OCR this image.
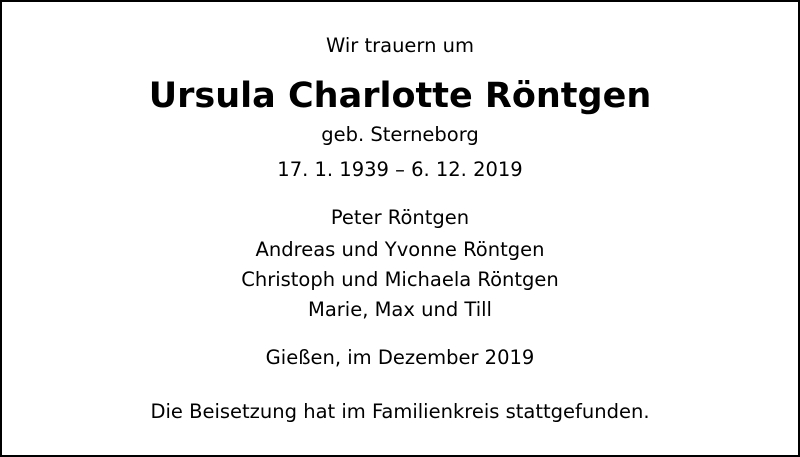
Wir trauern um
Ursula Charlotte Röntgen
geb. Sterneborg
17. 1. 1939 – 6. 12. 2019
Peter Röntgen
Andreas und Yvonne Röntgen
Christoph und Michaela Röntgen
Marie, Max und Till
Gießen, im Dezember 2019
Die Beisetzung hat im Familienkreis stattgefunden.
